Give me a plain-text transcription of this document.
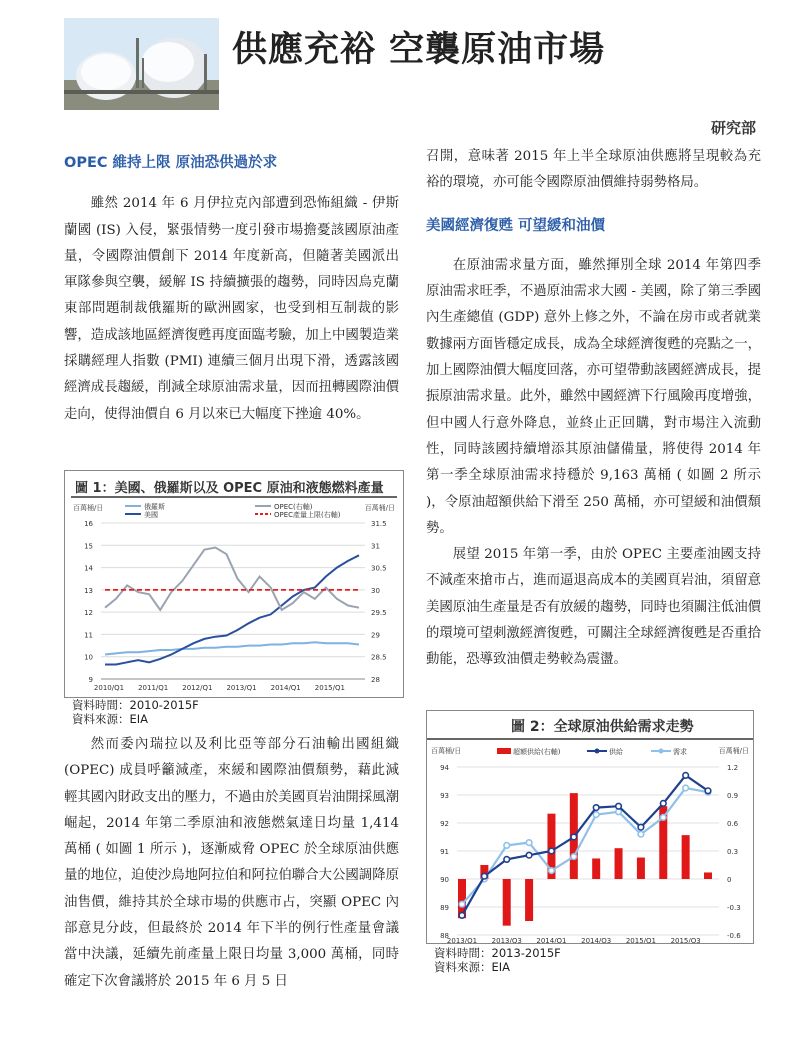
供應充裕 空襲原油市場
研究部

OPEC 維持上限 原油恐供過於求

雖然 2014 年 6 月伊拉克內部遭到恐怖組織 - 伊斯蘭國 (IS) 入侵，緊張情勢一度引發市場擔憂該國原油產量，令國際油價創下 2014 年度新高，但隨著美國派出軍隊參與空襲，緩解 IS 持續擴張的趨勢，同時因烏克蘭東部問題制裁俄羅斯的歐洲國家，也受到相互制裁的影響，造成該地區經濟復甦再度面臨考驗，加上中國製造業採購經理人指數 (PMI) 連續三個月出現下滑，透露該國經濟成長趨緩，削減全球原油需求量，因而扭轉國際油價走向，使得油價自 6 月以來已大幅度下挫逾 40%。

圖 1：美國、俄羅斯以及 OPEC 原油和液態燃料產量
百萬桶/日	百萬桶/日
俄羅斯
美國
OPEC(右軸)
OPEC產量上限(右軸)
9
10
11
12
13
14
15
16
28
28.5
29
29.5
30
30.5
31
31.5
2010/Q1 2011/Q1 2012/Q1 2013/Q1 2014/Q1 2015/Q1
資料時間：2010-2015F
資料來源：EIA

然而委內瑞拉以及利比亞等部分石油輸出國組織 (OPEC) 成員呼籲減產，來緩和國際油價頹勢，藉此減輕其國內財政支出的壓力，不過由於美國頁岩油開採風潮崛起，2014 年第二季原油和液態燃氣達日均量 1,414 萬桶 ( 如圖 1 所示 )，逐漸威脅 OPEC 於全球原油供應量的地位，迫使沙烏地阿拉伯和阿拉伯聯合大公國調降原油售價，維持其於全球市場的供應市占，突顯 OPEC 內部意見分歧，但最終於 2014 年下半的例行性產量會議當中決議，延續先前產量上限日均量 3,000 萬桶，同時確定下次會議將於 2015 年 6 月 5 日

召開，意味著 2015 年上半全球原油供應將呈現較為充裕的環境，亦可能令國際原油價維持弱勢格局。

美國經濟復甦 可望緩和油價

在原油需求量方面，雖然揮別全球 2014 年第四季原油需求旺季，不過原油需求大國 - 美國，除了第三季國內生產總值 (GDP) 意外上修之外，不論在房市或者就業數據兩方面皆穩定成長，成為全球經濟復甦的亮點之一，加上國際油價大幅度回落，亦可望帶動該國經濟成長，提振原油需求量。此外，雖然中國經濟下行風險再度增強，但中國人行意外降息，並終止正回購，對市場注入流動性，同時該國持續增添其原油儲備量，將使得 2014 年第一季全球原油需求持穩於 9,163 萬桶 ( 如圖 2 所示 )，令原油超額供給下滑至 250 萬桶，亦可望緩和油價頹勢。

展望 2015 年第一季，由於 OPEC 主要產油國支持不減產來搶市占，進而逼退高成本的美國頁岩油，須留意美國原油生產量是否有放緩的趨勢，同時也須關注低油價的環境可望刺激經濟復甦，可關注全球經濟復甦是否重拾動能，恐導致油價走勢較為震盪。

圖 2：全球原油供給需求走勢
百萬桶/日	百萬桶/日
超額供給(右軸)	供給	需求
88
89
90
91
92
93
94
-0.6
-0.3
0
0.3
0.6
0.9
1.2
2013/Q1 2013/Q3 2014/Q1 2014/Q3 2015/Q1 2015/Q3
資料時間：2013-2015F
資料來源：EIA
